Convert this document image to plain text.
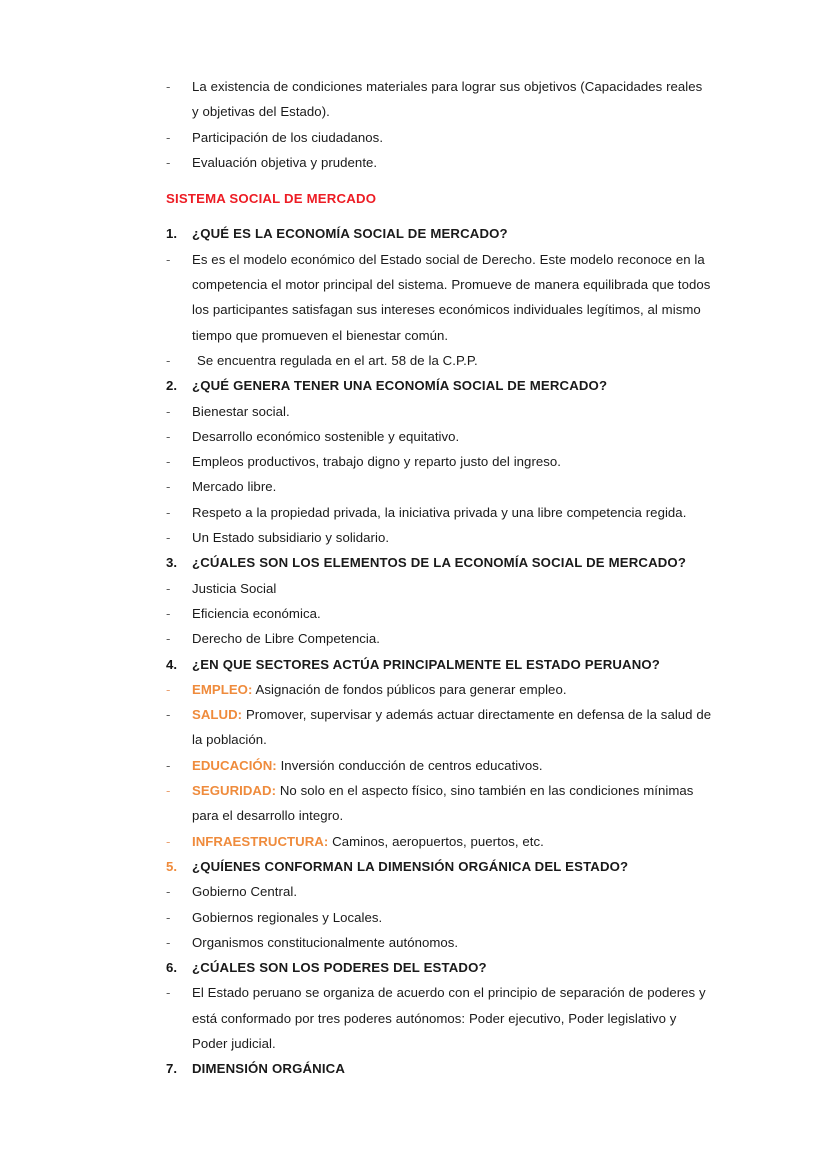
-	La existencia de condiciones materiales para lograr sus objetivos (Capacidades reales y objetivas del Estado).
-	Participación de los ciudadanos.
-	Evaluación objetiva y prudente.
SISTEMA SOCIAL DE MERCADO
1.	¿QUÉ ES LA ECONOMÍA SOCIAL DE MERCADO?
-	Es es el modelo económico del Estado social de Derecho. Este modelo reconoce en la competencia el motor principal del sistema. Promueve de manera equilibrada que todos los participantes satisfagan sus intereses económicos individuales legítimos, al mismo tiempo que promueven el bienestar común.
-	Se encuentra regulada en el art. 58 de la C.P.P.
2.	¿QUÉ GENERA TENER UNA ECONOMÍA SOCIAL DE MERCADO?
-	Bienestar social.
-	Desarrollo económico sostenible y equitativo.
-	Empleos productivos, trabajo digno y reparto justo del ingreso.
-	Mercado libre.
-	Respeto a la propiedad privada, la iniciativa privada y una libre competencia regida.
-	Un Estado subsidiario y solidario.
3.	¿CÚALES SON LOS ELEMENTOS DE LA ECONOMÍA SOCIAL DE MERCADO?
-	Justicia Social
-	Eficiencia económica.
-	Derecho de Libre Competencia.
4.	¿EN QUE SECTORES ACTÚA PRINCIPALMENTE EL ESTADO PERUANO?
-	EMPLEO: Asignación de fondos públicos para generar empleo.
-	SALUD: Promover, supervisar y además actuar directamente en defensa de la salud de la población.
-	EDUCACIÓN: Inversión conducción de centros educativos.
-	SEGURIDAD: No solo en el aspecto físico, sino también en las condiciones mínimas para el desarrollo integro.
-	INFRAESTRUCTURA: Caminos, aeropuertos, puertos, etc.
5.	¿QUÍENES CONFORMAN LA DIMENSIÓN ORGÁNICA DEL ESTADO?
-	Gobierno Central.
-	Gobiernos regionales y Locales.
-	Organismos constitucionalmente autónomos.
6.	¿CÚALES SON LOS PODERES DEL ESTADO?
-	El Estado peruano se organiza de acuerdo con el principio de separación de poderes y está conformado por tres poderes autónomos: Poder ejecutivo, Poder legislativo y Poder judicial.
7.	DIMENSIÓN ORGÁNICA
